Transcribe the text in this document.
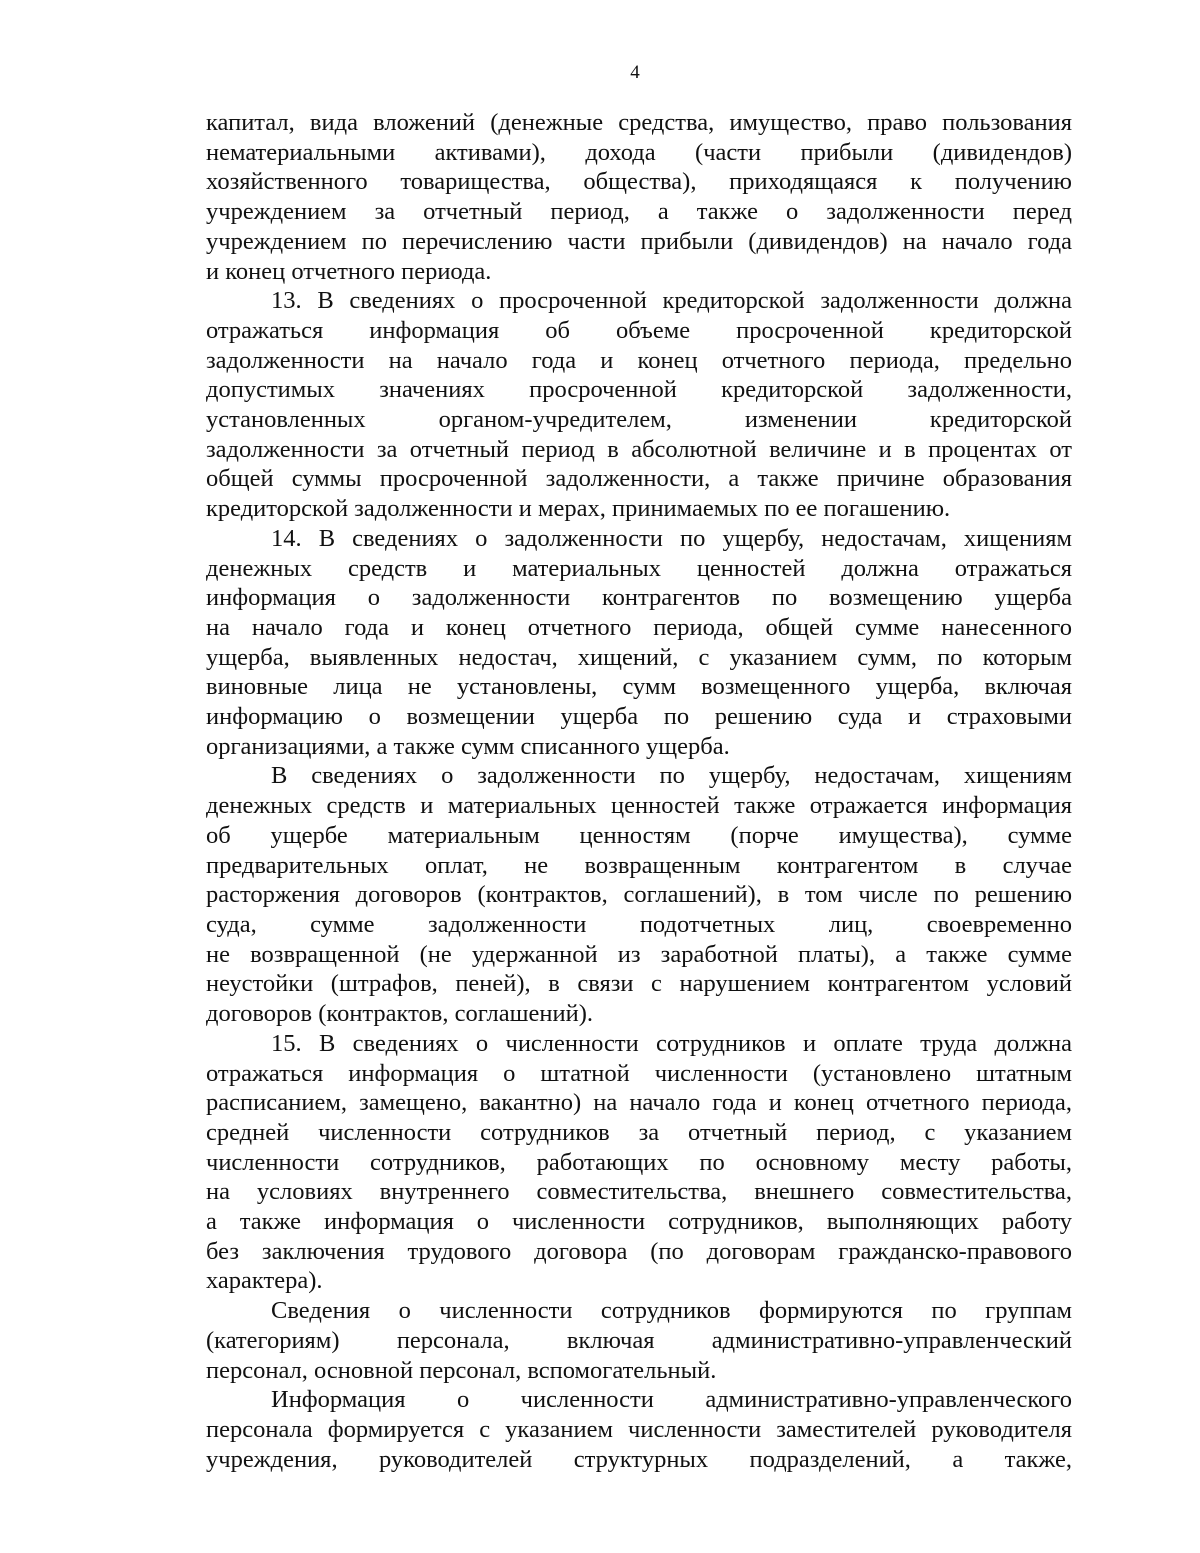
4
капитал, вида вложений (денежные средства, имущество, право пользования
нематериальными активами), дохода (части прибыли (дивидендов)
хозяйственного товарищества, общества), приходящаяся к получению
учреждением за отчетный период, а также о задолженности перед
учреждением по перечислению части прибыли (дивидендов) на начало года
и конец отчетного периода.
13. В сведениях о просроченной кредиторской задолженности должна
отражаться информация об объеме просроченной кредиторской
задолженности на начало года и конец отчетного периода, предельно
допустимых значениях просроченной кредиторской задолженности,
установленных органом-учредителем, изменении кредиторской
задолженности за отчетный период в абсолютной величине и в процентах от
общей суммы просроченной задолженности, а также причине образования
кредиторской задолженности и мерах, принимаемых по ее погашению.
14. В сведениях о задолженности по ущербу, недостачам, хищениям
денежных средств и материальных ценностей должна отражаться
информация о задолженности контрагентов по возмещению ущерба
на начало года и конец отчетного периода, общей сумме нанесенного
ущерба, выявленных недостач, хищений, с указанием сумм, по которым
виновные лица не установлены, сумм возмещенного ущерба, включая
информацию о возмещении ущерба по решению суда и страховыми
организациями, а также сумм списанного ущерба.
В сведениях о задолженности по ущербу, недостачам, хищениям
денежных средств и материальных ценностей также отражается информация
об ущербе материальным ценностям (порче имущества), сумме
предварительных оплат, не возвращенным контрагентом в случае
расторжения договоров (контрактов, соглашений), в том числе по решению
суда, сумме задолженности подотчетных лиц, своевременно
не возвращенной (не удержанной из заработной платы), а также сумме
неустойки (штрафов, пеней), в связи с нарушением контрагентом условий
договоров (контрактов, соглашений).
15. В сведениях о численности сотрудников и оплате труда должна
отражаться информация о штатной численности (установлено штатным
расписанием, замещено, вакантно) на начало года и конец отчетного периода,
средней численности сотрудников за отчетный период, с указанием
численности сотрудников, работающих по основному месту работы,
на условиях внутреннего совместительства, внешнего совместительства,
а также информация о численности сотрудников, выполняющих работу
без заключения трудового договора (по договорам гражданско-правового
характера).
Сведения о численности сотрудников формируются по группам
(категориям) персонала, включая административно-управленческий
персонал, основной персонал, вспомогательный.
Информация о численности административно-управленческого
персонала формируется с указанием численности заместителей руководителя
учреждения, руководителей структурных подразделений, а также,
